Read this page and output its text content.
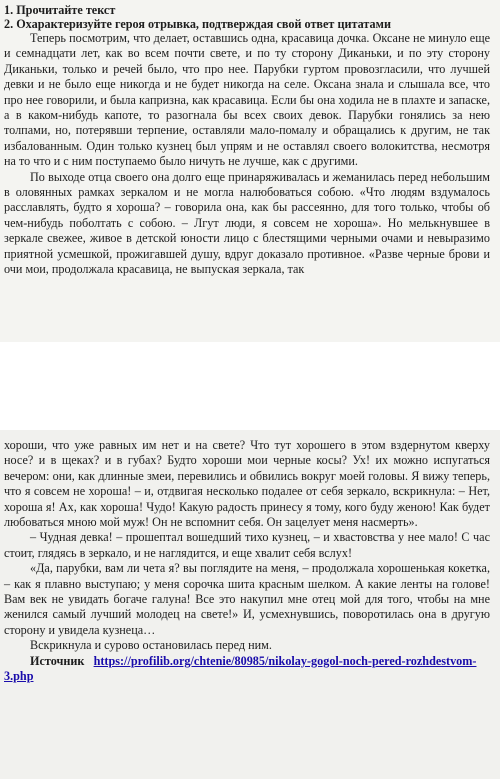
1. Прочитайте текст

2. Охарактеризуйте героя отрывка, подтверждая свой ответ цитатами

Теперь посмотрим, что делает, оставшись одна, красавица дочка. Оксане не минуло еще и семнадцати лет, как во всем почти свете, и по ту сторону Диканьки, и по эту сторону Диканьки, только и речей было, что про нее. Парубки гуртом провозгласили, что лучшей девки и не было еще никогда и не будет никогда на селе. Оксана знала и слышала все, что про нее говорили, и была капризна, как красавица. Если бы она ходила не в плахте и запаске, а в каком-нибудь капоте, то разогнала бы всех своих девок. Парубки гонялись за нею толпами, но, потерявши терпение, оставляли мало-помалу и обращались к другим, не так избалованным. Один только кузнец был упрям и не оставлял своего волокитства, несмотря на то что и с ним поступаемо было ничуть не лучше, как с другими.

По выходе отца своего она долго еще принаряживалась и жеманилась перед небольшим в оловянных рамках зеркалом и не могла налюбоваться собою. «Что людям вздумалось расславлять, будто я хороша? – говорила она, как бы рассеянно, для того только, чтобы об чем-нибудь поболтать с собою. – Лгут люди, я совсем не хороша». Но мелькнувшее в зеркале свежее, живое в детской юности лицо с блестящими черными очами и невыразимо приятной усмешкой, прожигавшей душу, вдруг доказало противное. «Разве черные брови и очи мои, продолжала красавица, не выпуская зеркала, так

хороши, что уже равных им нет и на свете? Что тут хорошего в этом вздернутом кверху носе? и в щеках? и в губах? Будто хороши мои черные косы? Ух! их можно испугаться вечером: они, как длинные змеи, перевились и обвились вокруг моей головы. Я вижу теперь, что я совсем не хороша! – и, отдвигая несколько подалее от себя зеркало, вскрикнула: – Нет, хороша я! Ах, как хороша! Чудо! Какую радость принесу я тому, кого буду женою! Как будет любоваться мною мой муж! Он не вспомнит себя. Он зацелует меня насмерть».

– Чудная девка! – прошептал вошедший тихо кузнец, – и хвастовства у нее мало! С час стоит, глядясь в зеркало, и не наглядится, и еще хвалит себя вслух!

«Да, парубки, вам ли чета я? вы поглядите на меня, – продолжала хорошенькая кокетка, – как я плавно выступаю; у меня сорочка шита красным шелком. А какие ленты на голове! Вам век не увидать богаче галуна! Все это накупил мне отец мой для того, чтобы на мне женился самый лучший молодец на свете!» И, усмехнувшись, поворотилась она в другую сторону и увидела кузнеца…

Вскрикнула и сурово остановилась перед ним.

Источник https://profilib.org/chtenie/80985/nikolay-gogol-noch-pered-rozhdestvom-3.php
